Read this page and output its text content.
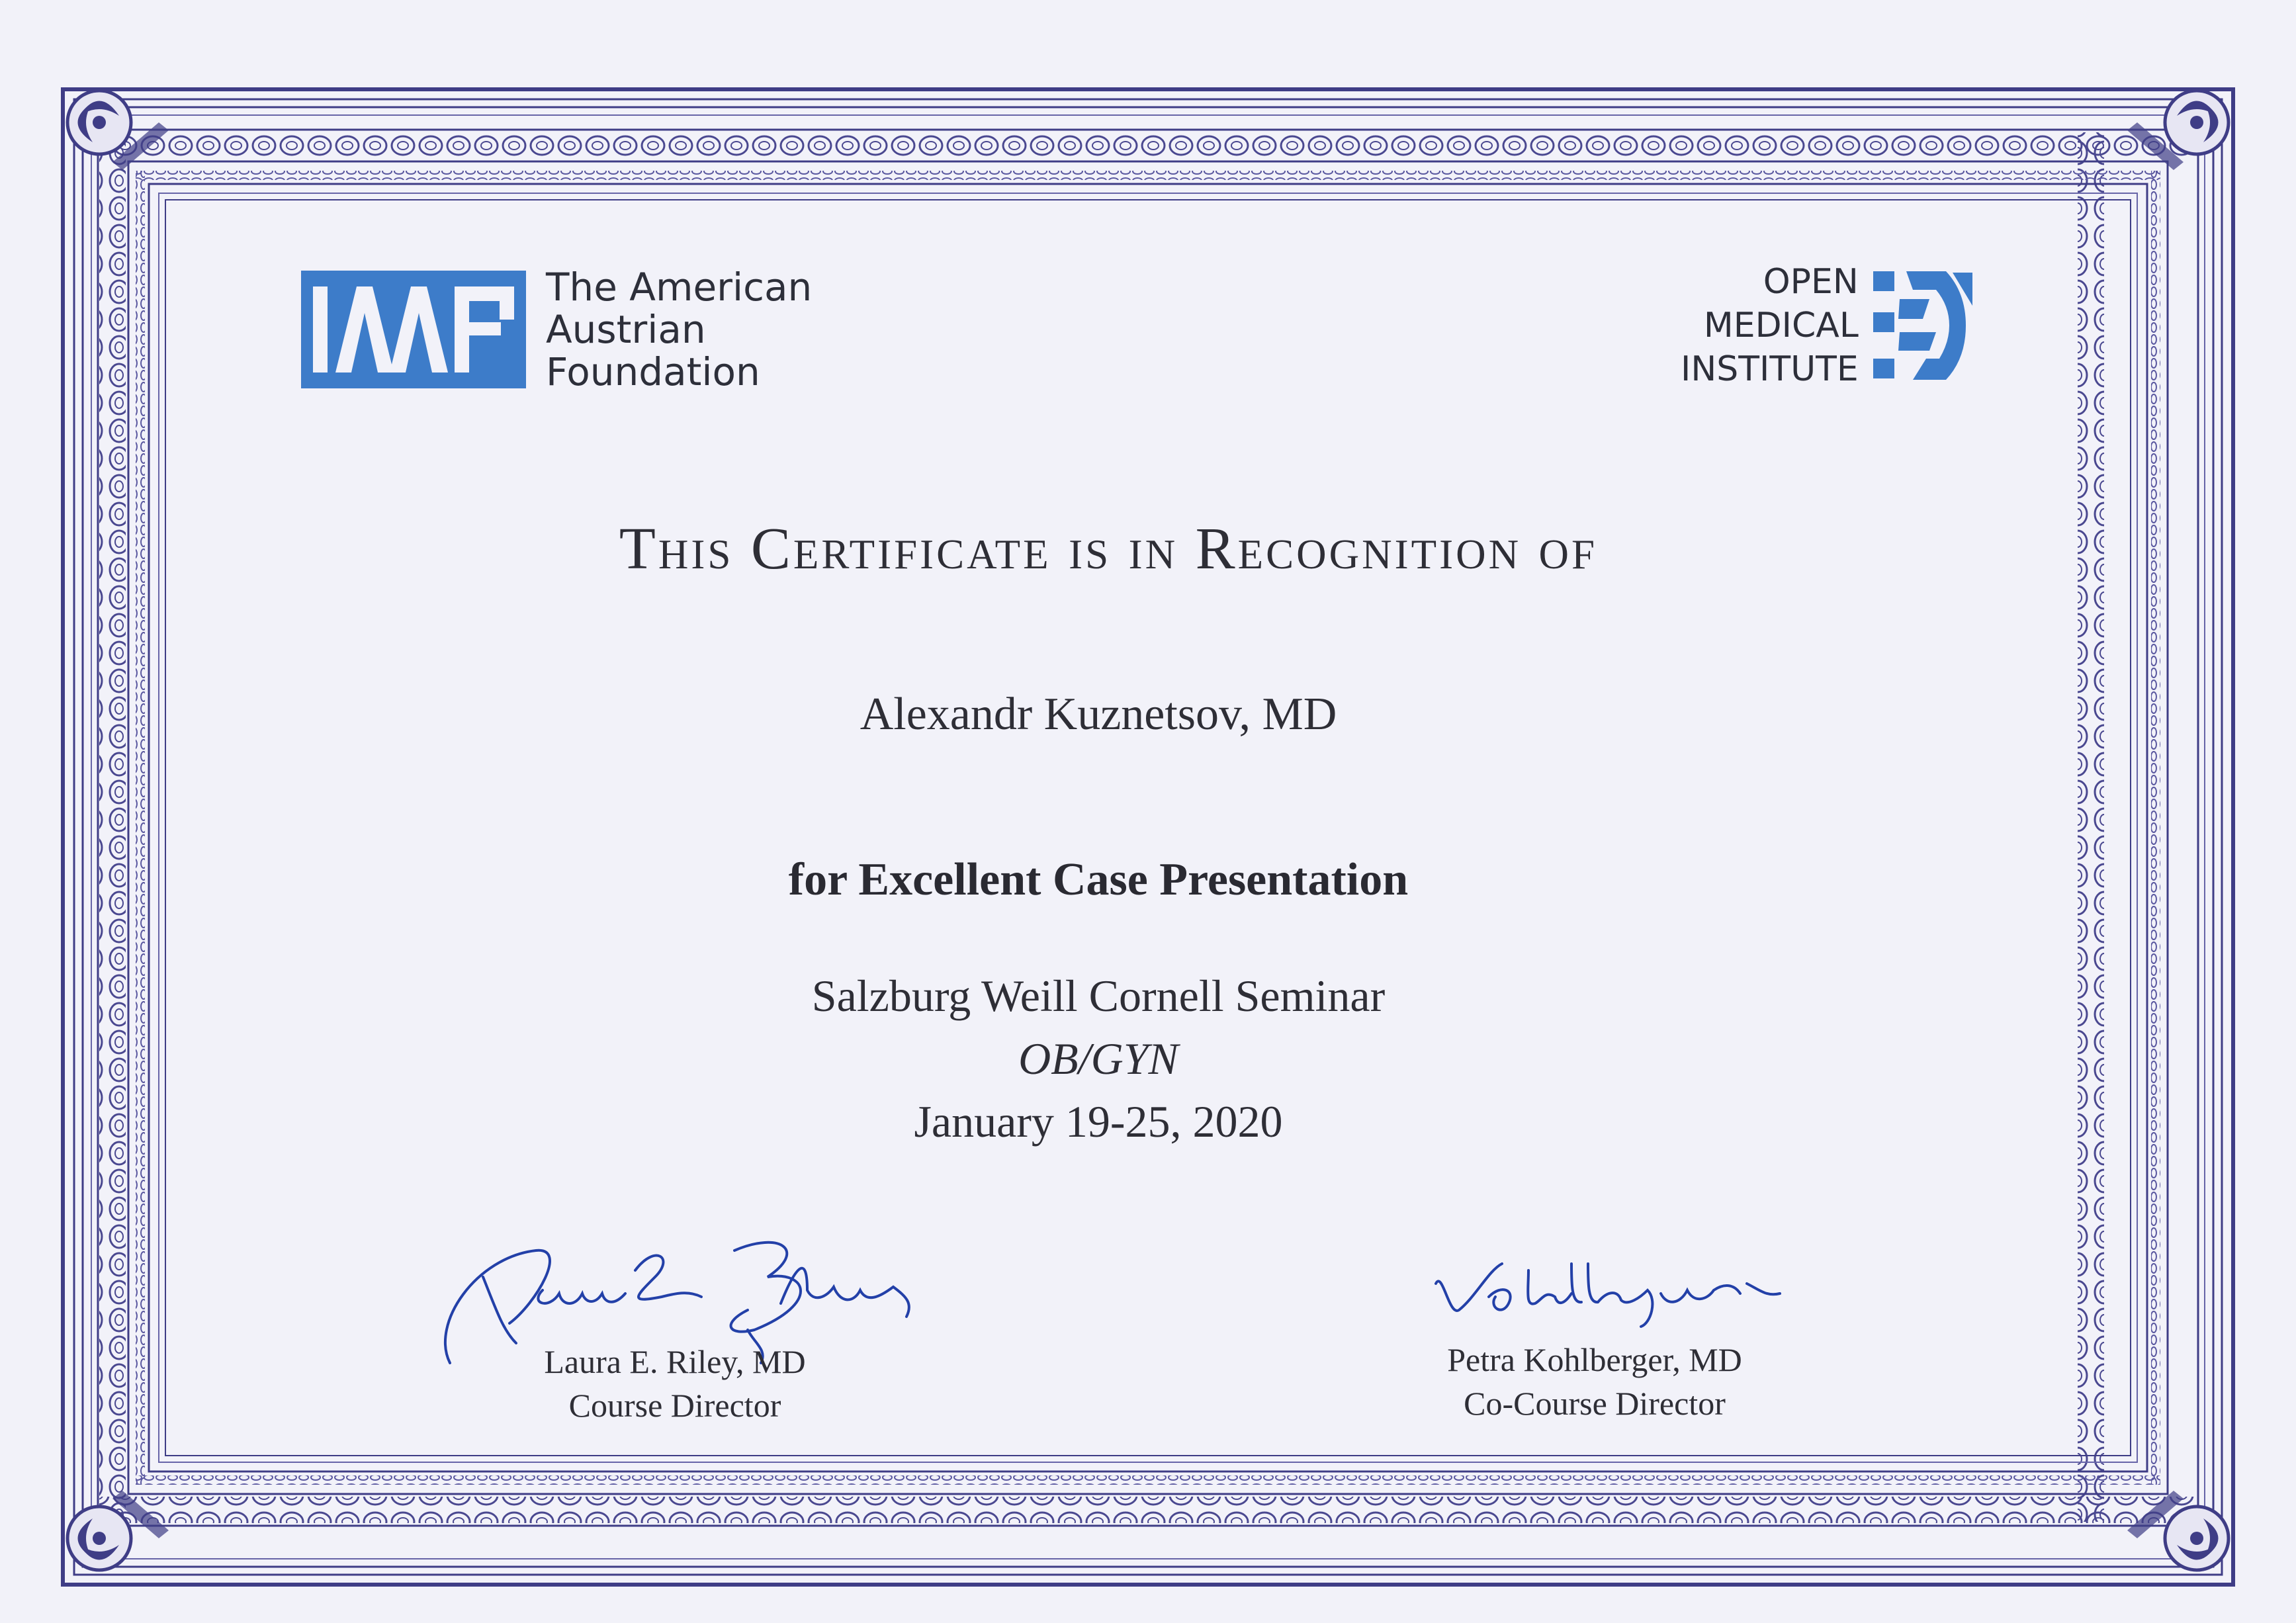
The American
Austrian
Foundation
OPEN
MEDICAL
INSTITUTE
This Certificate is in Recognition of
Alexandr Kuznetsov, MD
for Excellent Case Presentation
Salzburg Weill Cornell Seminar
OB/GYN
January 19-25, 2020
Laura E. Riley, MD
Course Director
Petra Kohlberger, MD
Co-Course Director
